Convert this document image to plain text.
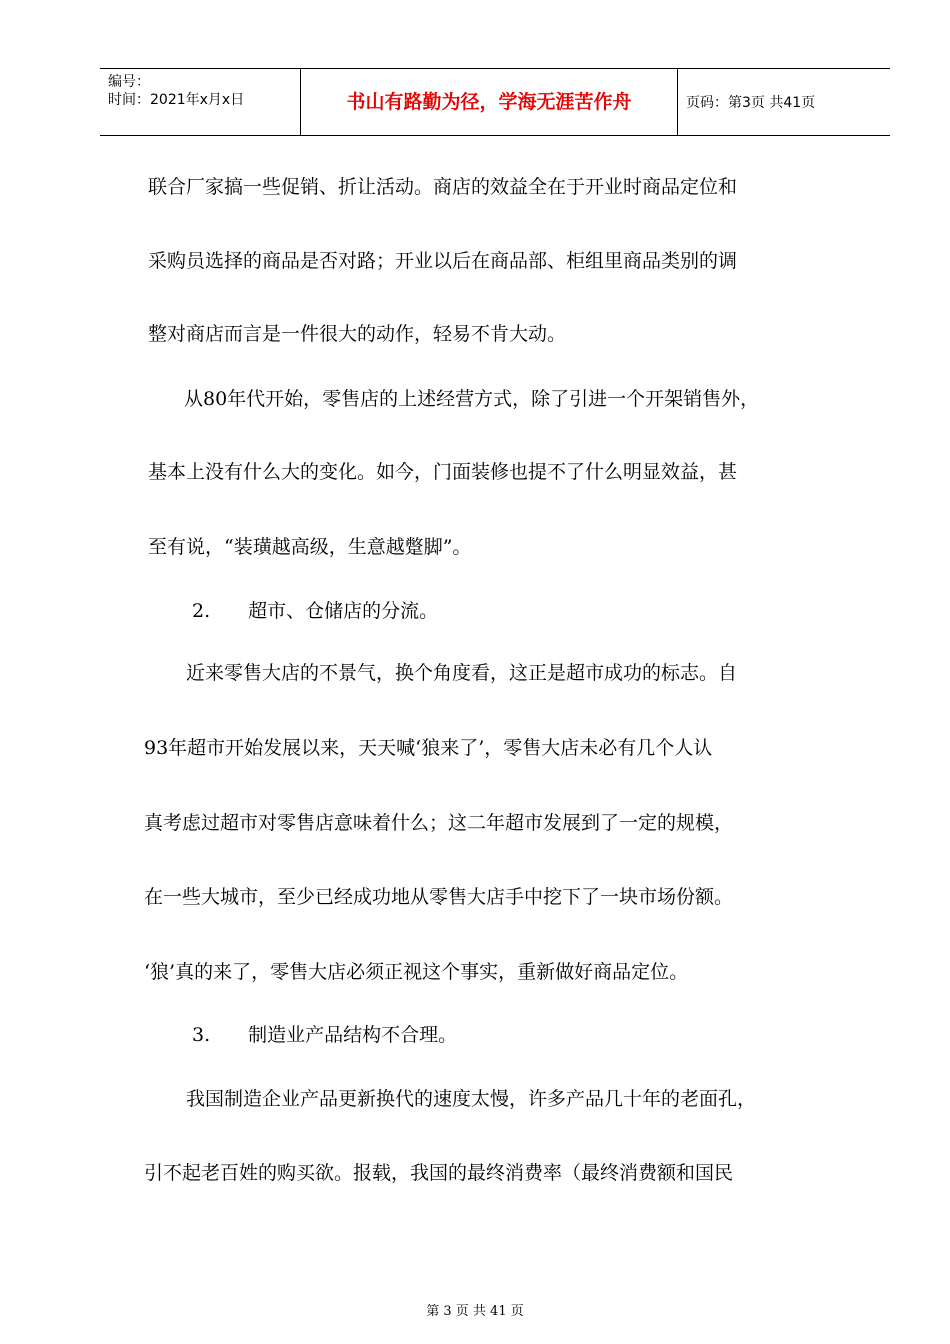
编号：
时间：2021年x月x日	书山有路勤为径，学海无涯苦作舟	页码：第3页 共41页
联合厂家搞一些促销、折让活动。商店的效益全在于开业时商品定位和
采购员选择的商品是否对路；开业以后在商品部、柜组里商品类别的调
整对商店而言是一件很大的动作，轻易不肯大动。
从80年代开始，零售店的上述经营方式，除了引进一个开架销售外，
基本上没有什么大的变化。如今，门面装修也提不了什么明显效益，甚
至有说，“装璜越高级，生意越蹩脚”。
2.　　超市、仓储店的分流。
近来零售大店的不景气，换个角度看，这正是超市成功的标志。自
93年超市开始发展以来，天天喊‘狼来了’，零售大店未必有几个人认
真考虑过超市对零售店意味着什么；这二年超市发展到了一定的规模，
在一些大城市，至少已经成功地从零售大店手中挖下了一块市场份额。
‘狼’真的来了，零售大店必须正视这个事实，重新做好商品定位。
3.　　制造业产品结构不合理。
我国制造企业产品更新换代的速度太慢，许多产品几十年的老面孔，
引不起老百姓的购买欲。报载，我国的最终消费率（最终消费额和国民
第 3 页 共 41 页
